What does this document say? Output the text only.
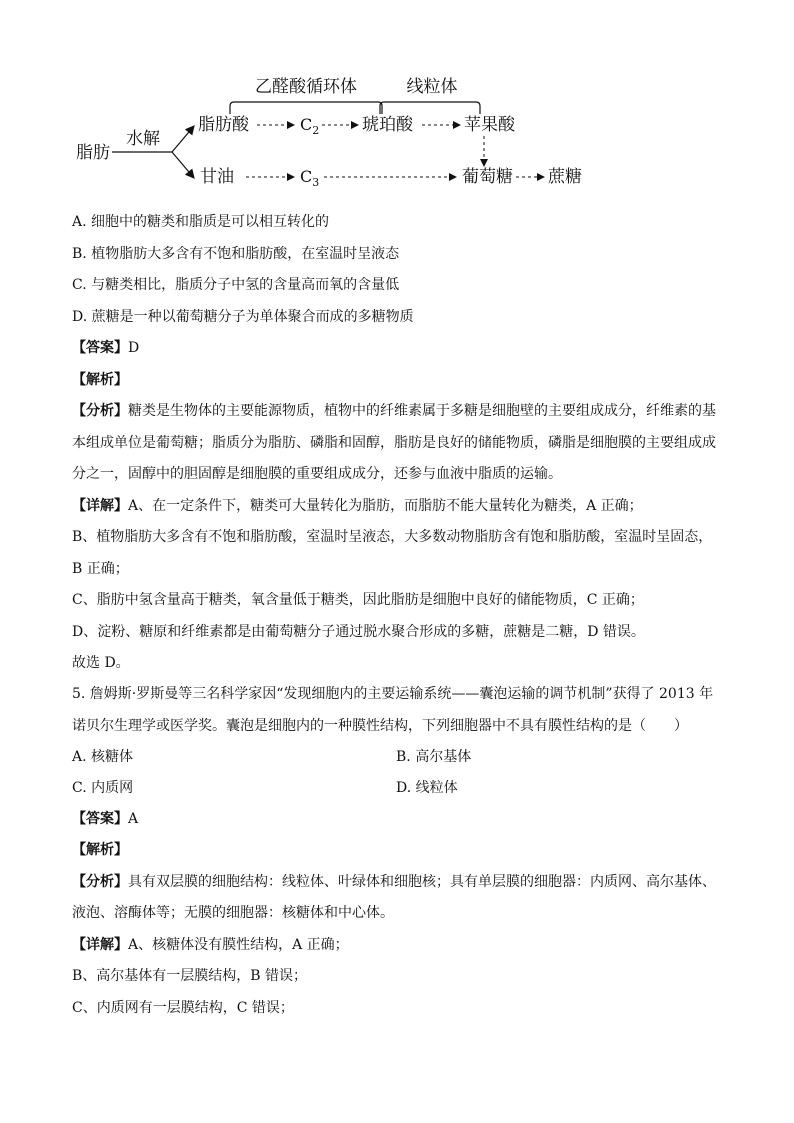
乙醛酸循环体	线粒体
脂肪
水解
脂肪酸	$C_2$	琥珀酸	苹果酸
甘油	$C_3$	葡萄糖 蔗糖
A. 细胞中的糖类和脂质是可以相互转化的
B. 植物脂肪大多含有不饱和脂肪酸，在室温时呈液态
C. 与糖类相比，脂质分子中氢的含量高而氧的含量低
D. 蔗糖是一种以葡萄糖分子为单体聚合而成的多糖物质
【答案】D
【解析】
【分析】糖类是生物体的主要能源物质，植物中的纤维素属于多糖是细胞壁的主要组成成分，纤维素的基
本组成单位是葡萄糖；脂质分为脂肪、磷脂和固醇，脂肪是良好的储能物质，磷脂是细胞膜的主要组成成
分之一，固醇中的胆固醇是细胞膜的重要组成成分，还参与血液中脂质的运输。
【详解】A、在一定条件下，糖类可大量转化为脂肪，而脂肪不能大量转化为糖类，A 正确；
B、植物脂肪大多含有不饱和脂肪酸，室温时呈液态，大多数动物脂肪含有饱和脂肪酸，室温时呈固态，
B 正确；
C、脂肪中氢含量高于糖类，氧含量低于糖类，因此脂肪是细胞中良好的储能物质，C 正确；
D、淀粉、糖原和纤维素都是由葡萄糖分子通过脱水聚合形成的多糖，蔗糖是二糖，D 错误。
故选 D。
5. 詹姆斯·罗斯曼等三名科学家因“发现细胞内的主要运输系统——囊泡运输的调节机制”获得了 2013 年
诺贝尔生理学或医学奖。囊泡是细胞内的一种膜性结构，下列细胞器中不具有膜性结构的是（　　）
A. 核糖体	B. 高尔基体
C. 内质网	D. 线粒体
【答案】A
【解析】
【分析】具有双层膜的细胞结构：线粒体、叶绿体和细胞核；具有单层膜的细胞器：内质网、高尔基体、
液泡、溶酶体等；无膜的细胞器：核糖体和中心体。
【详解】A、核糖体没有膜性结构，A 正确；
B、高尔基体有一层膜结构，B 错误；
C、内质网有一层膜结构，C 错误；
